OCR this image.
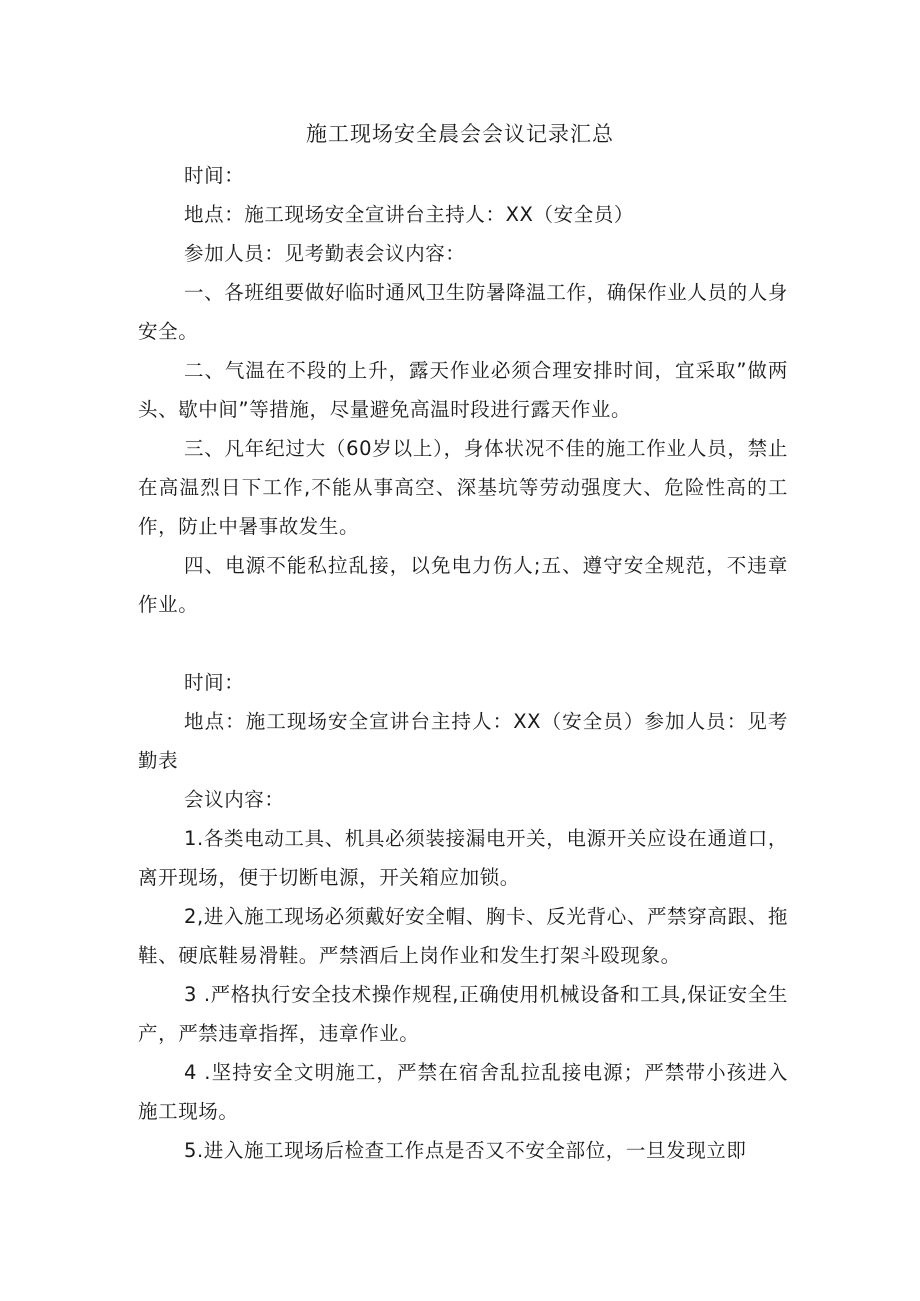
施工现场安全晨会会议记录汇总
时间：
地点：施工现场安全宣讲台主持人：XX（安全员）
参加人员：见考勤表会议内容：
一、各班组要做好临时通风卫生防暑降温工作，确保作业人员的人身安全。
二、气温在不段的上升，露天作业必须合理安排时间，宜采取”做两头、歇中间”等措施，尽量避免高温时段进行露天作业。
三、凡年纪过大（60岁以上），身体状况不佳的施工作业人员，禁止在高温烈日下工作,不能从事高空、深基坑等劳动强度大、危险性高的工作，防止中暑事故发生。
四、电源不能私拉乱接，以免电力伤人;五、遵守安全规范，不违章作业。
时间：
地点：施工现场安全宣讲台主持人：XX（安全员）参加人员：见考勤表
会议内容：
1.各类电动工具、机具必须装接漏电开关，电源开关应设在通道口，离开现场，便于切断电源，开关箱应加锁。
2,进入施工现场必须戴好安全帽、胸卡、反光背心、严禁穿高跟、拖鞋、硬底鞋易滑鞋。严禁酒后上岗作业和发生打架斗殴现象。
3 .严格执行安全技术操作规程,正确使用机械设备和工具,保证安全生产，严禁违章指挥，违章作业。
4 .坚持安全文明施工，严禁在宿舍乱拉乱接电源；严禁带小孩进入施工现场。
5.进入施工现场后检查工作点是否又不安全部位，一旦发现立即
